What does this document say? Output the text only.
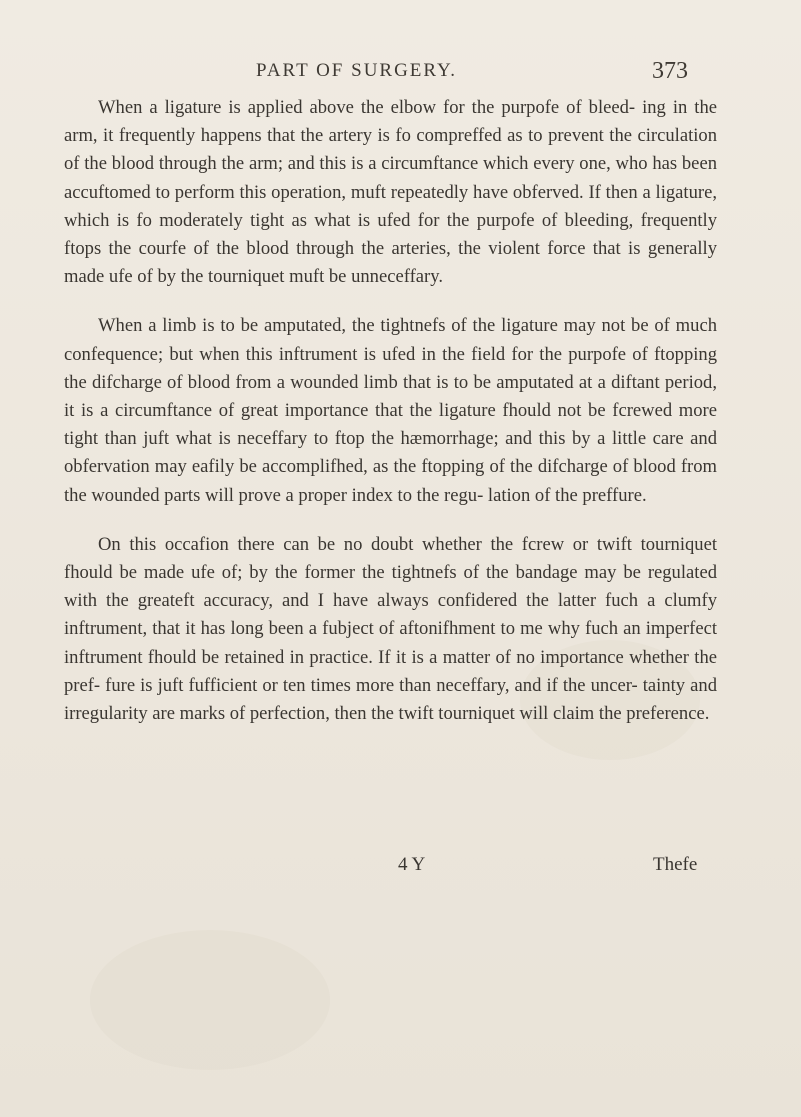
PART OF SURGERY.	373

When a ligature is applied above the elbow for the purpofe of bleed- ing in the arm, it frequently happens that the artery is fo compreffed as to prevent the circulation of the blood through the arm; and this is a circumftance which every one, who has been accuftomed to perform this operation, muft repeatedly have obferved. If then a ligature, which is fo moderately tight as what is ufed for the purpofe of bleeding, frequently ftops the courfe of the blood through the arteries, the violent force that is generally made ufe of by the tourniquet muft be unneceffary.

When a limb is to be amputated, the tightnefs of the ligature may not be of much confequence; but when this inftrument is ufed in the field for the purpofe of ftopping the difcharge of blood from a wounded limb that is to be amputated at a diftant period, it is a circumftance of great importance that the ligature fhould not be fcrewed more tight than juft what is neceffary to ftop the hæmorrhage; and this by a little care and obfervation may eafily be accomplifhed, as the ftopping of the difcharge of blood from the wounded parts will prove a proper index to the regu- lation of the preffure.

On this occafion there can be no doubt whether the fcrew or twift tourniquet fhould be made ufe of; by the former the tightnefs of the bandage may be regulated with the greateft accuracy, and I have always confidered the latter fuch a clumfy inftrument, that it has long been a fubject of aftonifhment to me why fuch an imperfect inftrument fhould be retained in practice. If it is a matter of no importance whether the pref- fure is juft fufficient or ten times more than neceffary, and if the uncer- tainty and irregularity are marks of perfection, then the twift tourniquet will claim the preference.

4 Y	Thefe
